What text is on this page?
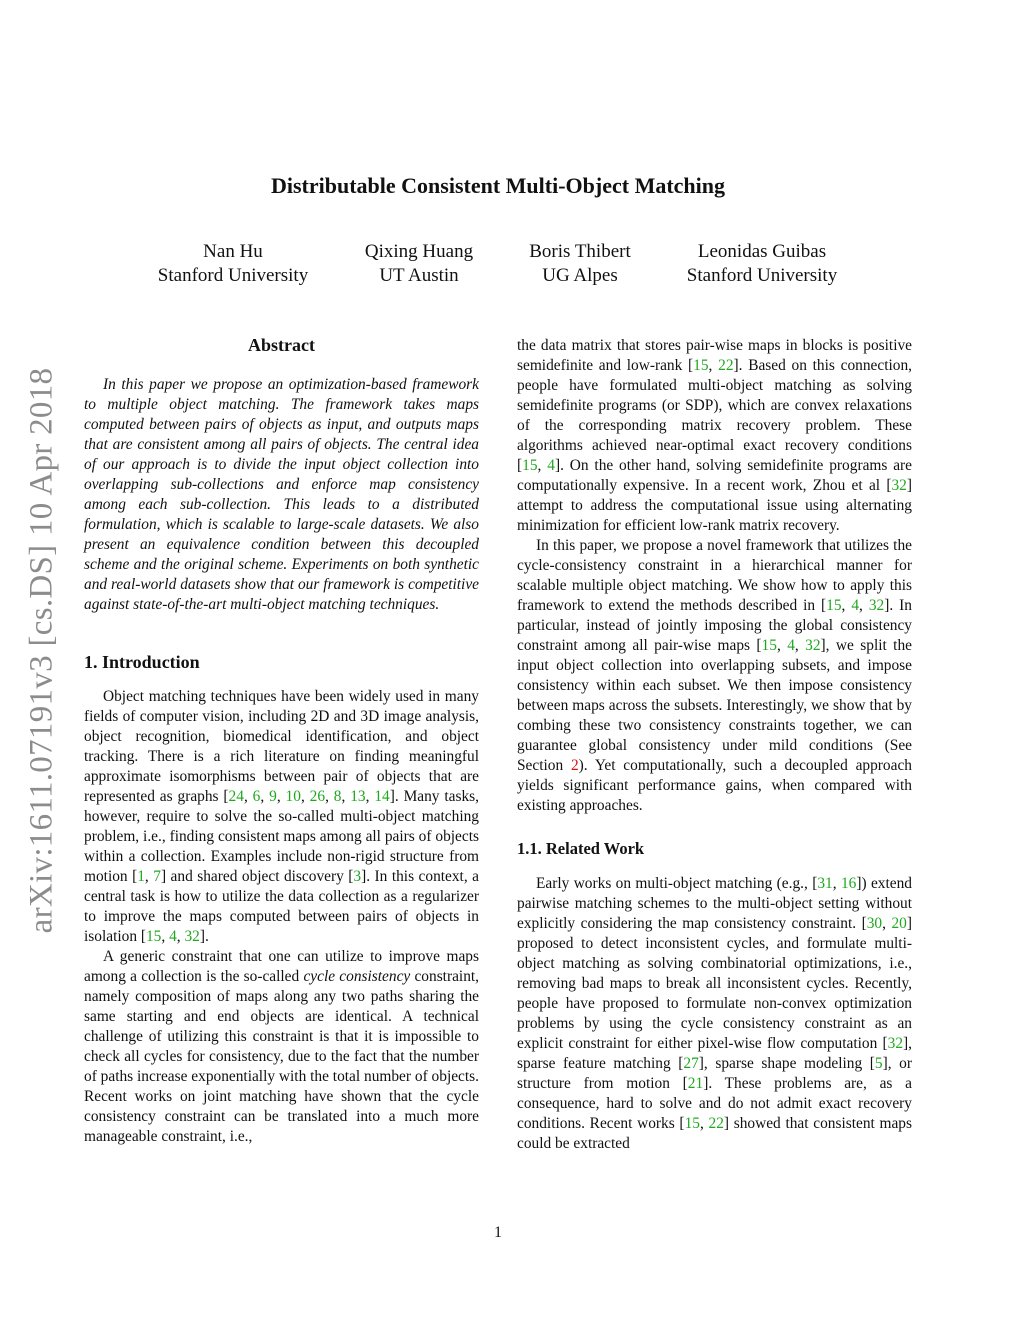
arXiv:1611.07191v3 [cs.DS] 10 Apr 2018
Distributable Consistent Multi-Object Matching
Nan Hu
Stanford University
Qixing Huang
UT Austin
Boris Thibert
UG Alpes
Leonidas Guibas
Stanford University
Abstract

In this paper we propose an optimization-based framework to multiple object matching. The framework takes maps computed between pairs of objects as input, and outputs maps that are consistent among all pairs of objects. The central idea of our approach is to divide the input object collection into overlapping sub-collections and enforce map consistency among each sub-collection. This leads to a distributed formulation, which is scalable to large-scale datasets. We also present an equivalence condition between this decoupled scheme and the original scheme. Experiments on both synthetic and real-world datasets show that our framework is competitive against state-of-the-art multi-object matching techniques.

1. Introduction

Object matching techniques have been widely used in many fields of computer vision, including 2D and 3D image analysis, object recognition, biomedical identification, and object tracking. There is a rich literature on finding meaningful approximate isomorphisms between pair of objects that are represented as graphs [24, 6, 9, 10, 26, 8, 13, 14]. Many tasks, however, require to solve the so-called multi-object matching problem, i.e., finding consistent maps among all pairs of objects within a collection. Examples include non-rigid structure from motion [1, 7] and shared object discovery [3]. In this context, a central task is how to utilize the data collection as a regularizer to improve the maps computed between pairs of objects in isolation [15, 4, 32].

A generic constraint that one can utilize to improve maps among a collection is the so-called cycle consistency constraint, namely composition of maps along any two paths sharing the same starting and end objects are identical. A technical challenge of utilizing this constraint is that it is impossible to check all cycles for consistency, due to the fact that the number of paths increase exponentially with the total number of objects. Recent works on joint matching have shown that the cycle consistency constraint can be translated into a much more manageable constraint, i.e.,

the data matrix that stores pair-wise maps in blocks is positive semidefinite and low-rank [15, 22]. Based on this connection, people have formulated multi-object matching as solving semidefinite programs (or SDP), which are convex relaxations of the corresponding matrix recovery problem. These algorithms achieved near-optimal exact recovery conditions [15, 4]. On the other hand, solving semidefinite programs are computationally expensive. In a recent work, Zhou et al [32] attempt to address the computational issue using alternating minimization for efficient low-rank matrix recovery.

In this paper, we propose a novel framework that utilizes the cycle-consistency constraint in a hierarchical manner for scalable multiple object matching. We show how to apply this framework to extend the methods described in [15, 4, 32]. In particular, instead of jointly imposing the global consistency constraint among all pair-wise maps [15, 4, 32], we split the input object collection into overlapping subsets, and impose consistency within each subset. We then impose consistency between maps across the subsets. Interestingly, we show that by combing these two consistency constraints together, we can guarantee global consistency under mild conditions (See Section 2). Yet computationally, such a decoupled approach yields significant performance gains, when compared with existing approaches.

1.1. Related Work

Early works on multi-object matching (e.g., [31, 16]) extend pairwise matching schemes to the multi-object setting without explicitly considering the map consistency constraint. [30, 20] proposed to detect inconsistent cycles, and formulate multi-object matching as solving combinatorial optimizations, i.e., removing bad maps to break all inconsistent cycles. Recently, people have proposed to formulate non-convex optimization problems by using the cycle consistency constraint as an explicit constraint for either pixel-wise flow computation [32], sparse feature matching [27], sparse shape modeling [5], or structure from motion [21]. These problems are, as a consequence, hard to solve and do not admit exact recovery conditions. Recent works [15, 22] showed that consistent maps could be extracted

1
